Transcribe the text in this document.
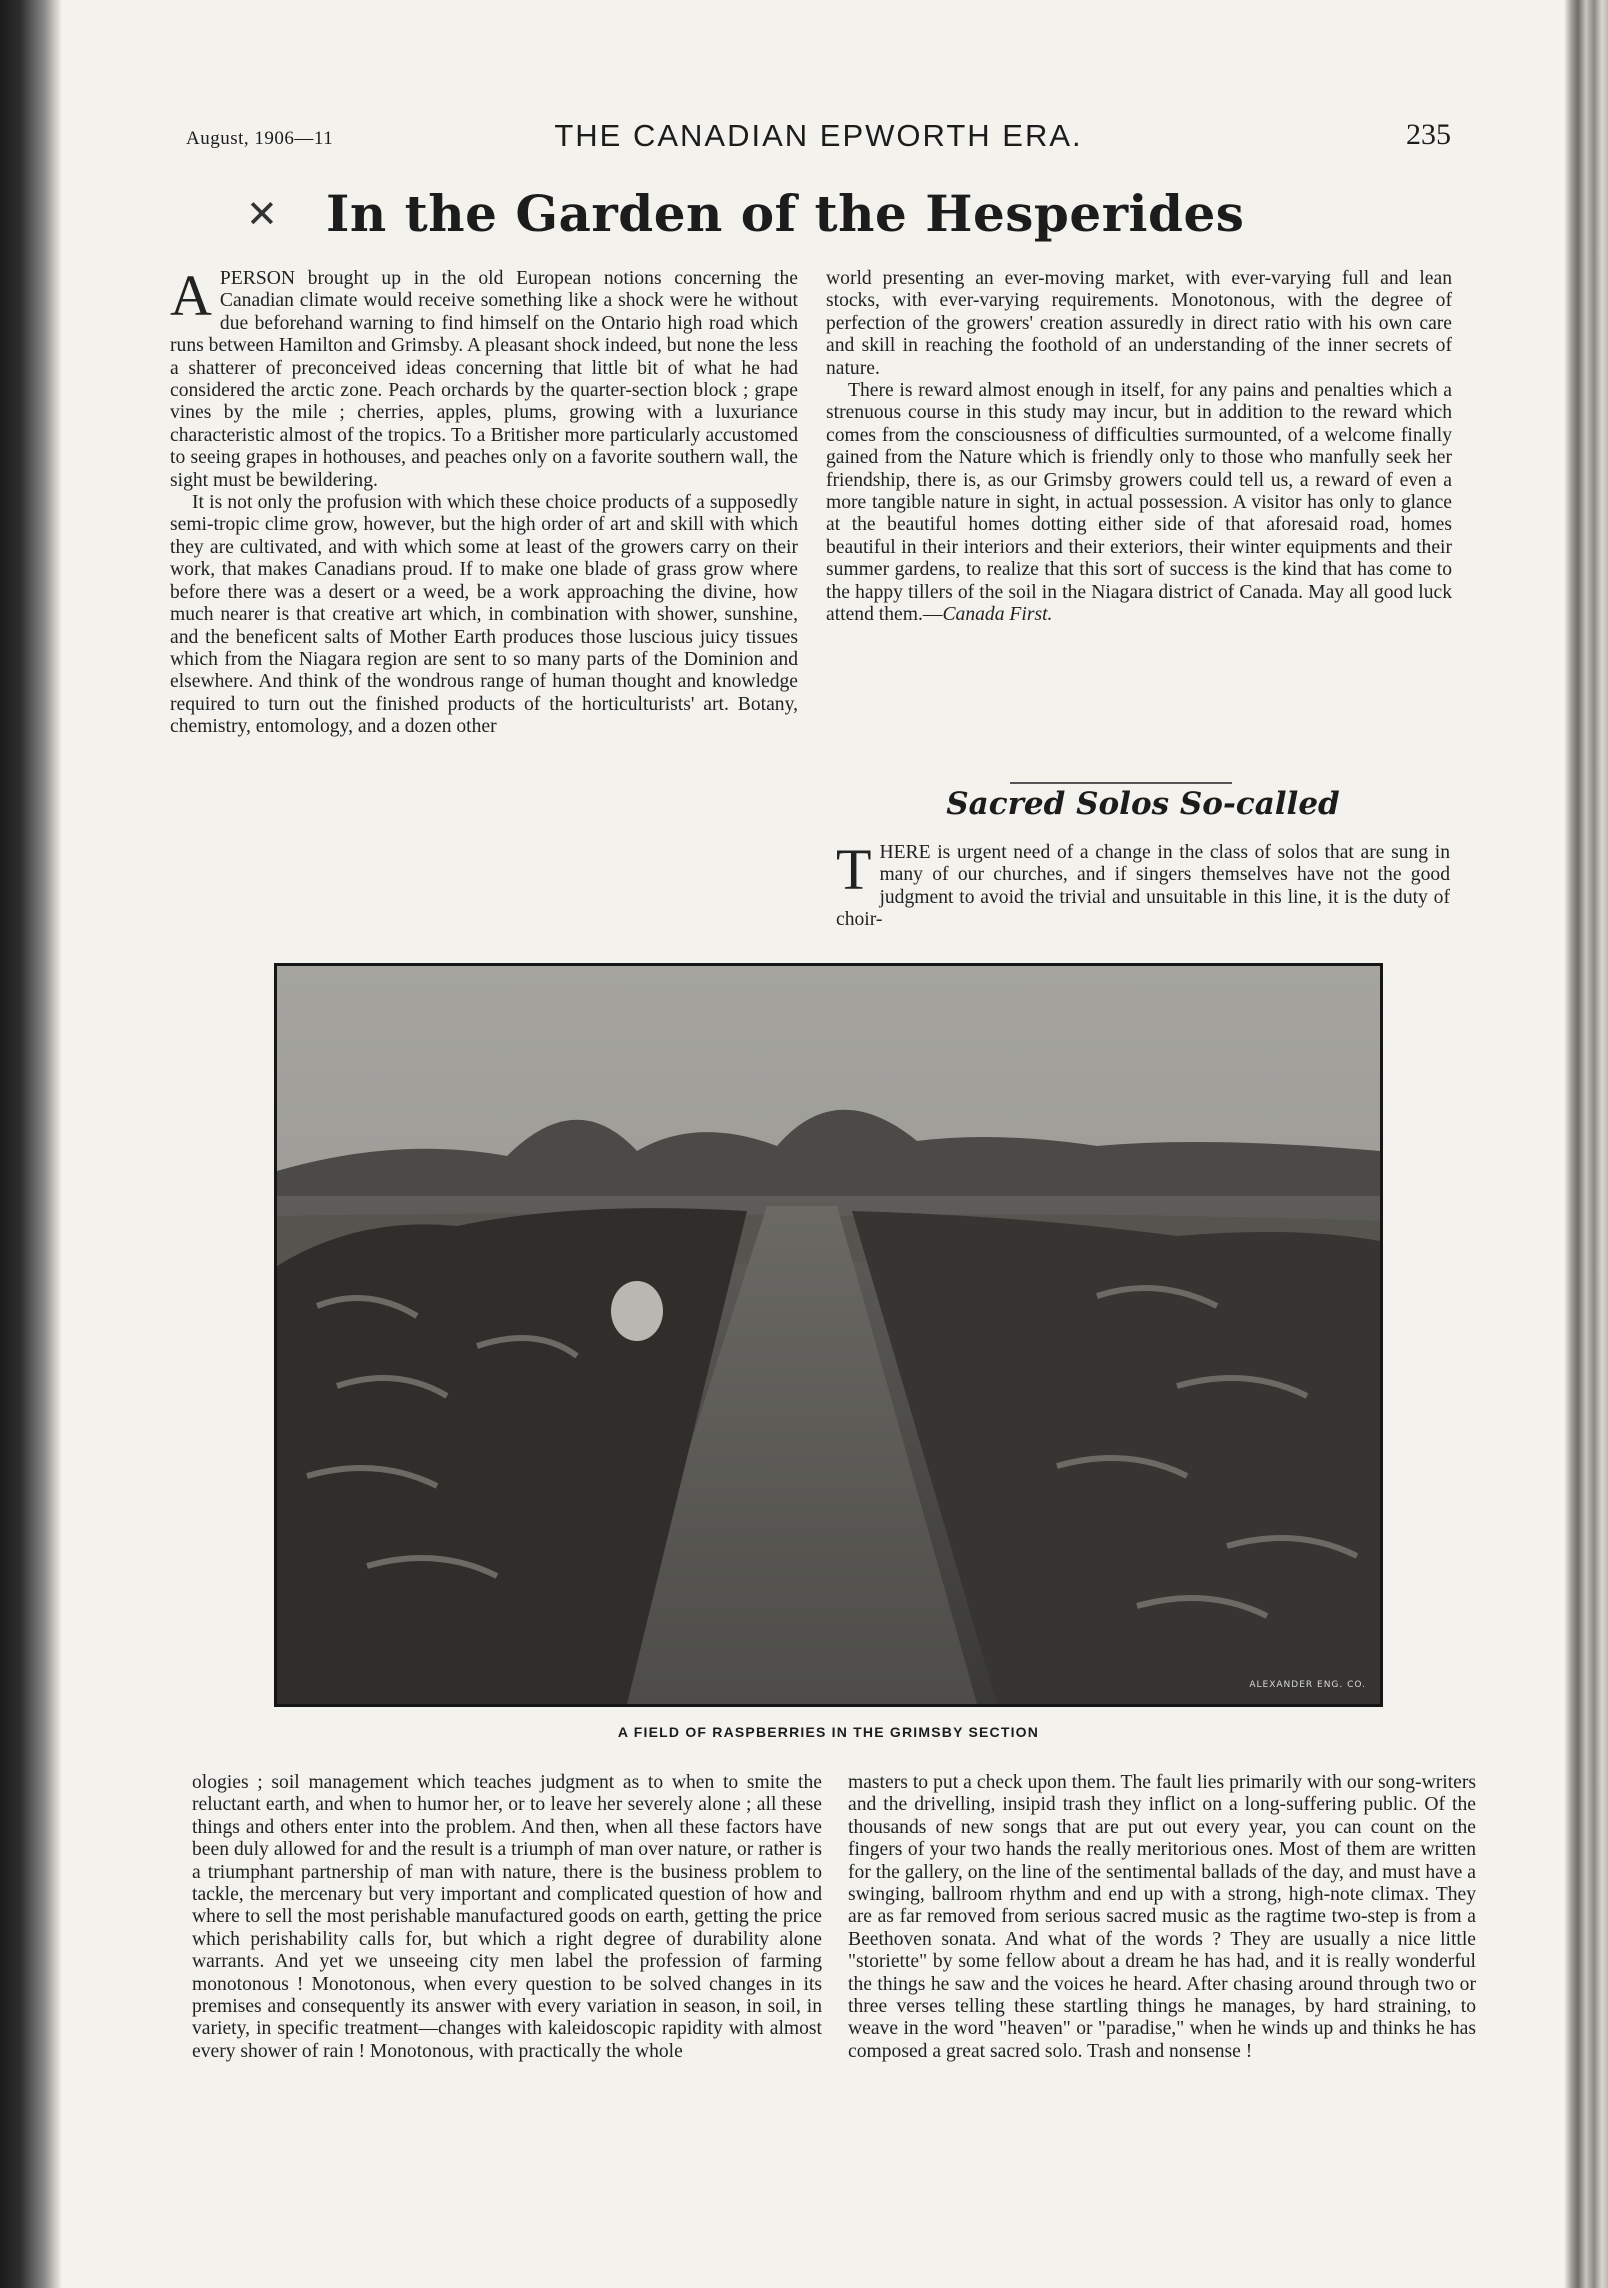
August, 1906—11	THE CANADIAN EPWORTH ERA.	235
✕ In the Garden of the Hesperides

APERSON brought up in the old European notions concerning the Canadian climate would receive something like a shock were he without due beforehand warning to find himself on the Ontario high road which runs between Hamilton and Grimsby. A pleasant shock indeed, but none the less a shatterer of preconceived ideas concerning that little bit of what he had considered the arctic zone. Peach orchards by the quarter-section block ; grape vines by the mile ; cherries, apples, plums, growing with a luxuriance characteristic almost of the tropics. To a Britisher more particularly accustomed to seeing grapes in hothouses, and peaches only on a favorite southern wall, the sight must be bewildering.

It is not only the profusion with which these choice products of a supposedly semi-tropic clime grow, however, but the high order of art and skill with which they are cultivated, and with which some at least of the growers carry on their work, that makes Canadians proud. If to make one blade of grass grow where before there was a desert or a weed, be a work approaching the divine, how much nearer is that creative art which, in combination with shower, sunshine, and the beneficent salts of Mother Earth produces those luscious juicy tissues which from the Niagara region are sent to so many parts of the Dominion and elsewhere. And think of the wondrous range of human thought and knowledge required to turn out the finished products of the horticulturists' art. Botany, chemistry, entomology, and a dozen other

world presenting an ever-moving market, with ever-varying full and lean stocks, with ever-varying requirements. Monotonous, with the degree of perfection of the growers' creation assuredly in direct ratio with his own care and skill in reaching the foothold of an understanding of the inner secrets of nature.

There is reward almost enough in itself, for any pains and penalties which a strenuous course in this study may incur, but in addition to the reward which comes from the consciousness of difficulties surmounted, of a welcome finally gained from the Nature which is friendly only to those who manfully seek her friendship, there is, as our Grimsby growers could tell us, a reward of even a more tangible nature in sight, in actual possession. A visitor has only to glance at the beautiful homes dotting either side of that aforesaid road, homes beautiful in their interiors and their exteriors, their winter equipments and their summer gardens, to realize that this sort of success is the kind that has come to the happy tillers of the soil in the Niagara district of Canada. May all good luck attend them.—Canada First.

Sacred Solos So-called

THERE is urgent need of a change in the class of solos that are sung in many of our churches, and if singers themselves have not the good judgment to avoid the trivial and unsuitable in this line, it is the duty of choir-

ALEXANDER ENG. CO.
A FIELD OF RASPBERRIES IN THE GRIMSBY SECTION

ologies ; soil management which teaches judgment as to when to smite the reluctant earth, and when to humor her, or to leave her severely alone ; all these things and others enter into the problem. And then, when all these factors have been duly allowed for and the result is a triumph of man over nature, or rather is a triumphant partnership of man with nature, there is the business problem to tackle, the mercenary but very important and complicated question of how and where to sell the most perishable manufactured goods on earth, getting the price which perishability calls for, but which a right degree of durability alone warrants. And yet we unseeing city men label the profession of farming monotonous ! Monotonous, when every question to be solved changes in its premises and consequently its answer with every variation in season, in soil, in variety, in specific treatment—changes with kaleidoscopic rapidity with almost every shower of rain ! Monotonous, with practically the whole

masters to put a check upon them. The fault lies primarily with our song-writers and the drivelling, insipid trash they inflict on a long-suffering public. Of the thousands of new songs that are put out every year, you can count on the fingers of your two hands the really meritorious ones. Most of them are written for the gallery, on the line of the sentimental ballads of the day, and must have a swinging, ballroom rhythm and end up with a strong, high-note climax. They are as far removed from serious sacred music as the ragtime two-step is from a Beethoven sonata. And what of the words ? They are usually a nice little "storiette" by some fellow about a dream he has had, and it is really wonderful the things he saw and the voices he heard. After chasing around through two or three verses telling these startling things he manages, by hard straining, to weave in the word "heaven" or "paradise," when he winds up and thinks he has composed a great sacred solo. Trash and nonsense !
